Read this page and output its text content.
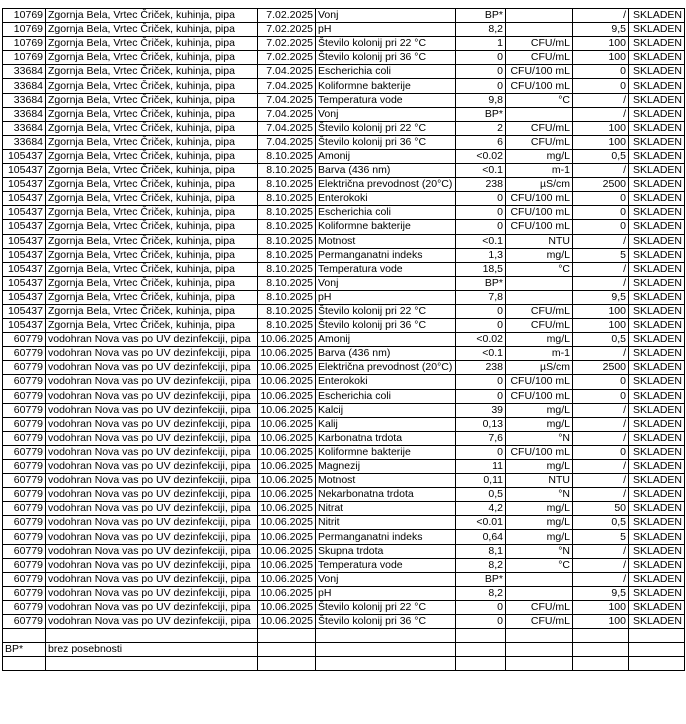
10769	Zgornja Bela, Vrtec Čriček, kuhinja, pipa	7.02.2025	Vonj	BP*		/	SKLADEN
10769	Zgornja Bela, Vrtec Čriček, kuhinja, pipa	7.02.2025	pH	8,2		9,5	SKLADEN
10769	Zgornja Bela, Vrtec Čriček, kuhinja, pipa	7.02.2025	Število kolonij pri 22 °C	1	CFU/mL	100	SKLADEN
10769	Zgornja Bela, Vrtec Čriček, kuhinja, pipa	7.02.2025	Število kolonij pri 36 °C	0	CFU/mL	100	SKLADEN
33684	Zgornja Bela, Vrtec Čriček, kuhinja, pipa	7.04.2025	Escherichia coli	0	CFU/100 mL	0	SKLADEN
33684	Zgornja Bela, Vrtec Čriček, kuhinja, pipa	7.04.2025	Koliformne bakterije	0	CFU/100 mL	0	SKLADEN
33684	Zgornja Bela, Vrtec Čriček, kuhinja, pipa	7.04.2025	Temperatura vode	9,8	°C	/	SKLADEN
33684	Zgornja Bela, Vrtec Čriček, kuhinja, pipa	7.04.2025	Vonj	BP*		/	SKLADEN
33684	Zgornja Bela, Vrtec Čriček, kuhinja, pipa	7.04.2025	Število kolonij pri 22 °C	2	CFU/mL	100	SKLADEN
33684	Zgornja Bela, Vrtec Čriček, kuhinja, pipa	7.04.2025	Število kolonij pri 36 °C	6	CFU/mL	100	SKLADEN
105437	Zgornja Bela, Vrtec Čriček, kuhinja, pipa	8.10.2025	Amonij	<0.02	mg/L	0,5	SKLADEN
105437	Zgornja Bela, Vrtec Čriček, kuhinja, pipa	8.10.2025	Barva (436 nm)	<0.1	m-1	/	SKLADEN
105437	Zgornja Bela, Vrtec Čriček, kuhinja, pipa	8.10.2025	Električna prevodnost (20°C)	238	µS/cm	2500	SKLADEN
105437	Zgornja Bela, Vrtec Čriček, kuhinja, pipa	8.10.2025	Enterokoki	0	CFU/100 mL	0	SKLADEN
105437	Zgornja Bela, Vrtec Čriček, kuhinja, pipa	8.10.2025	Escherichia coli	0	CFU/100 mL	0	SKLADEN
105437	Zgornja Bela, Vrtec Čriček, kuhinja, pipa	8.10.2025	Koliformne bakterije	0	CFU/100 mL	0	SKLADEN
105437	Zgornja Bela, Vrtec Čriček, kuhinja, pipa	8.10.2025	Motnost	<0.1	NTU	/	SKLADEN
105437	Zgornja Bela, Vrtec Čriček, kuhinja, pipa	8.10.2025	Permanganatni indeks	1,3	mg/L	5	SKLADEN
105437	Zgornja Bela, Vrtec Čriček, kuhinja, pipa	8.10.2025	Temperatura vode	18,5	°C	/	SKLADEN
105437	Zgornja Bela, Vrtec Čriček, kuhinja, pipa	8.10.2025	Vonj	BP*		/	SKLADEN
105437	Zgornja Bela, Vrtec Čriček, kuhinja, pipa	8.10.2025	pH	7,8		9,5	SKLADEN
105437	Zgornja Bela, Vrtec Čriček, kuhinja, pipa	8.10.2025	Število kolonij pri 22 °C	0	CFU/mL	100	SKLADEN
105437	Zgornja Bela, Vrtec Čriček, kuhinja, pipa	8.10.2025	Število kolonij pri 36 °C	0	CFU/mL	100	SKLADEN
60779	vodohran Nova vas po UV dezinfekciji, pipa	10.06.2025	Amonij	<0.02	mg/L	0,5	SKLADEN
60779	vodohran Nova vas po UV dezinfekciji, pipa	10.06.2025	Barva (436 nm)	<0.1	m-1	/	SKLADEN
60779	vodohran Nova vas po UV dezinfekciji, pipa	10.06.2025	Električna prevodnost (20°C)	238	µS/cm	2500	SKLADEN
60779	vodohran Nova vas po UV dezinfekciji, pipa	10.06.2025	Enterokoki	0	CFU/100 mL	0	SKLADEN
60779	vodohran Nova vas po UV dezinfekciji, pipa	10.06.2025	Escherichia coli	0	CFU/100 mL	0	SKLADEN
60779	vodohran Nova vas po UV dezinfekciji, pipa	10.06.2025	Kalcij	39	mg/L	/	SKLADEN
60779	vodohran Nova vas po UV dezinfekciji, pipa	10.06.2025	Kalij	0,13	mg/L	/	SKLADEN
60779	vodohran Nova vas po UV dezinfekciji, pipa	10.06.2025	Karbonatna trdota	7,6	°N	/	SKLADEN
60779	vodohran Nova vas po UV dezinfekciji, pipa	10.06.2025	Koliformne bakterije	0	CFU/100 mL	0	SKLADEN
60779	vodohran Nova vas po UV dezinfekciji, pipa	10.06.2025	Magnezij	11	mg/L	/	SKLADEN
60779	vodohran Nova vas po UV dezinfekciji, pipa	10.06.2025	Motnost	0,11	NTU	/	SKLADEN
60779	vodohran Nova vas po UV dezinfekciji, pipa	10.06.2025	Nekarbonatna trdota	0,5	°N	/	SKLADEN
60779	vodohran Nova vas po UV dezinfekciji, pipa	10.06.2025	Nitrat	4,2	mg/L	50	SKLADEN
60779	vodohran Nova vas po UV dezinfekciji, pipa	10.06.2025	Nitrit	<0.01	mg/L	0,5	SKLADEN
60779	vodohran Nova vas po UV dezinfekciji, pipa	10.06.2025	Permanganatni indeks	0,64	mg/L	5	SKLADEN
60779	vodohran Nova vas po UV dezinfekciji, pipa	10.06.2025	Skupna trdota	8,1	°N	/	SKLADEN
60779	vodohran Nova vas po UV dezinfekciji, pipa	10.06.2025	Temperatura vode	8,2	°C	/	SKLADEN
60779	vodohran Nova vas po UV dezinfekciji, pipa	10.06.2025	Vonj	BP*		/	SKLADEN
60779	vodohran Nova vas po UV dezinfekciji, pipa	10.06.2025	pH	8,2		9,5	SKLADEN
60779	vodohran Nova vas po UV dezinfekciji, pipa	10.06.2025	Število kolonij pri 22 °C	0	CFU/mL	100	SKLADEN
60779	vodohran Nova vas po UV dezinfekciji, pipa	10.06.2025	Število kolonij pri 36 °C	0	CFU/mL	100	SKLADEN

BP*	brez posebnosti						
